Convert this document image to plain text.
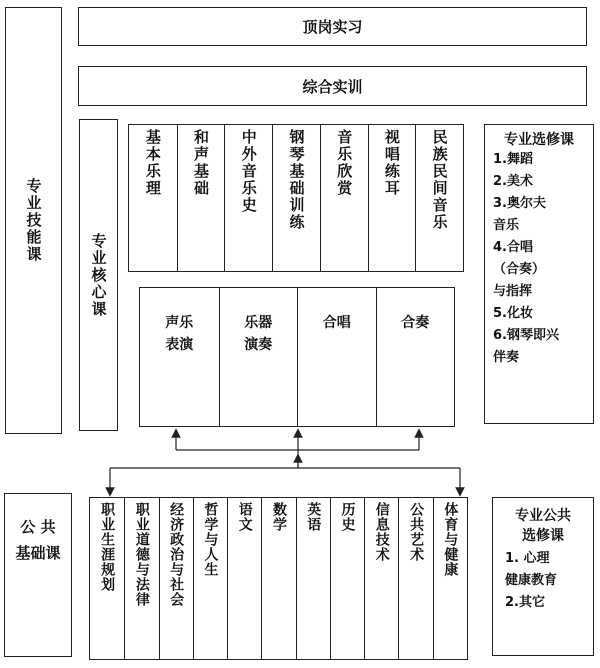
顶岗实习
综合实训
专业技能课
专业核心课
基本乐理 和声基础 中外音乐史 钢琴基础训练 音乐欣赏 视唱练耳 民族民间音乐
声乐
表演
乐器
演奏
合唱	合奏
专业选修课
1.舞蹈
2.美术
3.奥尔夫
音乐
4.合唱
（合奏）
与指挥
5.化妆
6.钢琴即兴
伴奏
公 共
基础课	职业生涯规划 职业道德与法律 经济政治与社会 哲学与人生 语文 数学 英语 历史 信息技术 公共艺术 体育与健康	专业公共
选修课
1. 心理
健康教育
2.其它
